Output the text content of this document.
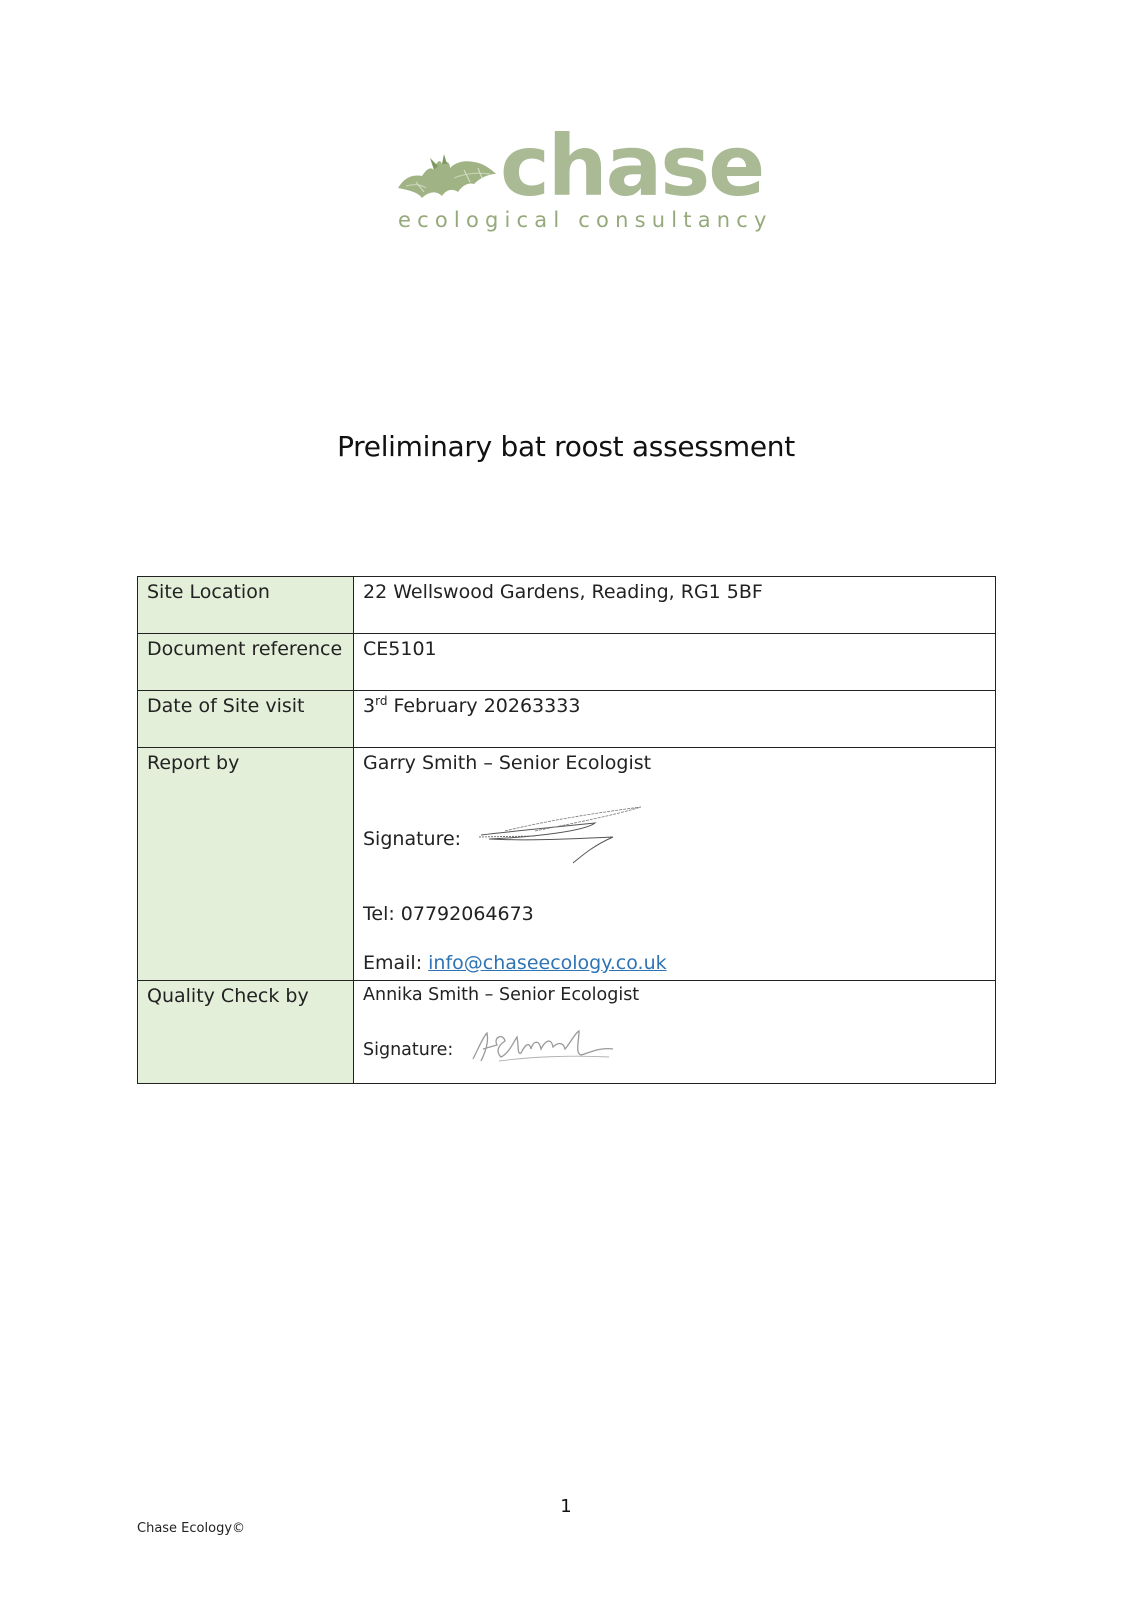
chase
ecological consultancy
Preliminary bat roost assessment
Site Location	22 Wellswood Gardens, Reading, RG1 5BF
Document reference	CE5101
Date of Site visit	3rd February 20263333
Report by	Garry Smith – Senior Ecologist
Signature:
Tel: 07792064673
Email: info@chaseecology.co.uk

Quality Check by	Annika Smith – Senior Ecologist
Signature:
1
Chase Ecology©
